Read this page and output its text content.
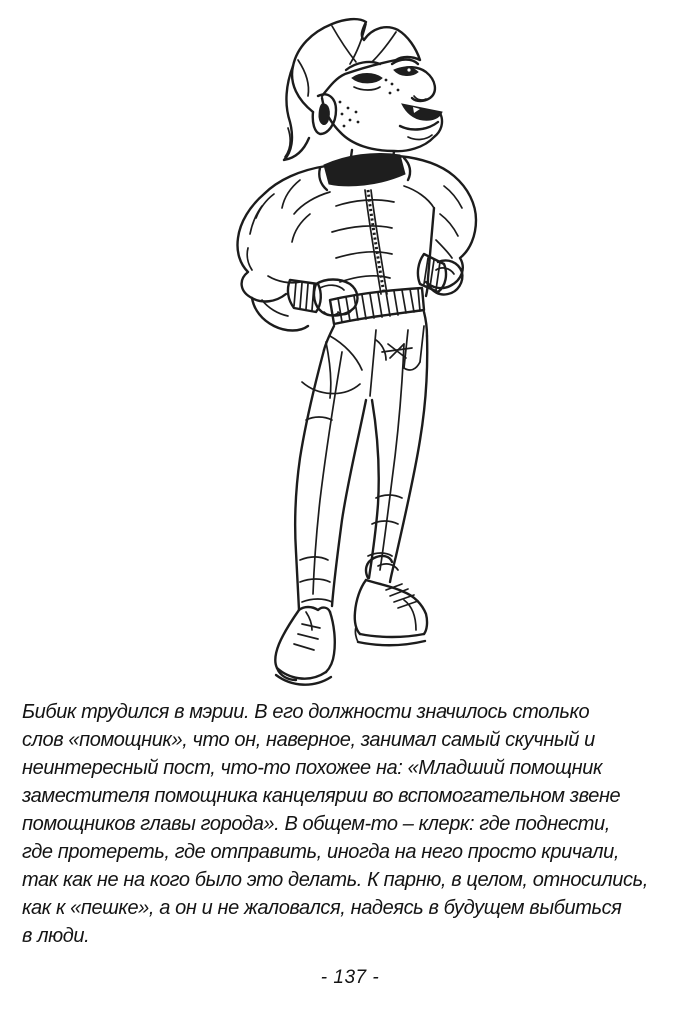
Бибик трудился в мэрии. В его должности значилось столько
слов «помощник», что он, наверное, занимал самый скучный и
неинтересный пост, что-то похожее на: «Младший помощник
заместителя помощника канцелярии во вспомогательном звене
помощников главы города». В общем-то – клерк: где поднести,
где протереть, где отправить, иногда на него просто кричали,
так как не на кого было это делать. К парню, в целом, относились,
как к «пешке», а он и не жаловался, надеясь в будущем выбиться
в люди.
- 137 -
